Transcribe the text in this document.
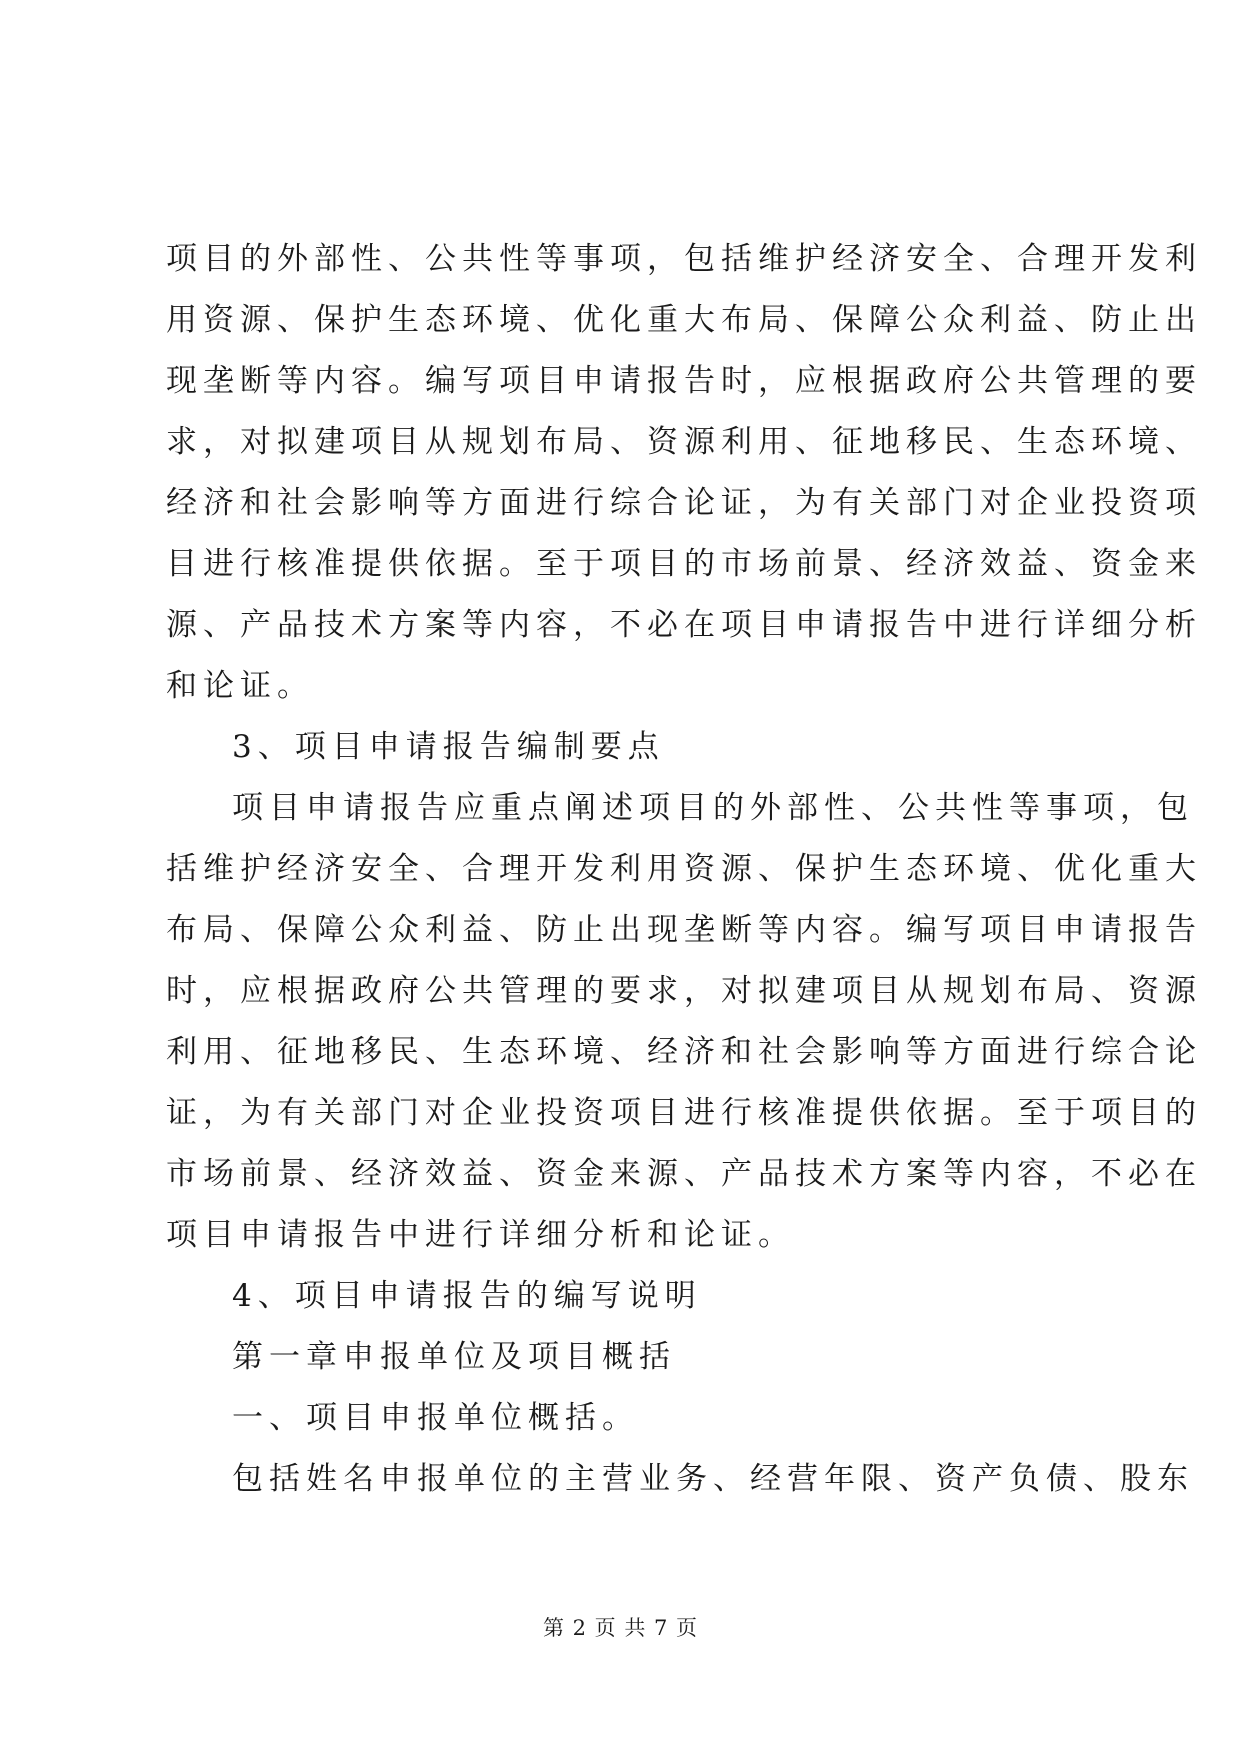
项目的外部性、公共性等事项，包括维护经济安全、合理开发利
用资源、保护生态环境、优化重大布局、保障公众利益、防止出
现垄断等内容。编写项目申请报告时，应根据政府公共管理的要
求，对拟建项目从规划布局、资源利用、征地移民、生态环境、
经济和社会影响等方面进行综合论证，为有关部门对企业投资项
目进行核准提供依据。至于项目的市场前景、经济效益、资金来
源、产品技术方案等内容，不必在项目申请报告中进行详细分析
和论证。
3、项目申请报告编制要点
项目申请报告应重点阐述项目的外部性、公共性等事项，包
括维护经济安全、合理开发利用资源、保护生态环境、优化重大
布局、保障公众利益、防止出现垄断等内容。编写项目申请报告
时，应根据政府公共管理的要求，对拟建项目从规划布局、资源
利用、征地移民、生态环境、经济和社会影响等方面进行综合论
证，为有关部门对企业投资项目进行核准提供依据。至于项目的
市场前景、经济效益、资金来源、产品技术方案等内容，不必在
项目申请报告中进行详细分析和论证。
4、项目申请报告的编写说明
第一章申报单位及项目概括
一、项目申报单位概括。
包括姓名申报单位的主营业务、经营年限、资产负债、股东
第 2 页 共 7 页
